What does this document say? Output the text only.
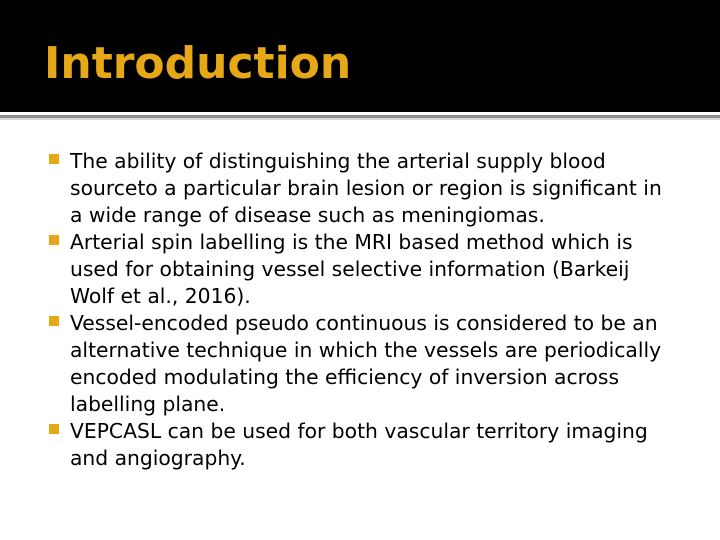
Introduction
The ability of distinguishing the arterial supply blood sourceto a particular brain lesion or region is significant in a wide range of disease such as meningiomas.
Arterial spin labelling is the MRI based method which is used for obtaining vessel selective information (Barkeij Wolf et al., 2016).
Vessel-encoded pseudo continuous is considered to be an alternative technique in which the vessels are periodically encoded modulating the efficiency of inversion across labelling plane.
VEPCASL can be used for both vascular territory imaging and angiography.
